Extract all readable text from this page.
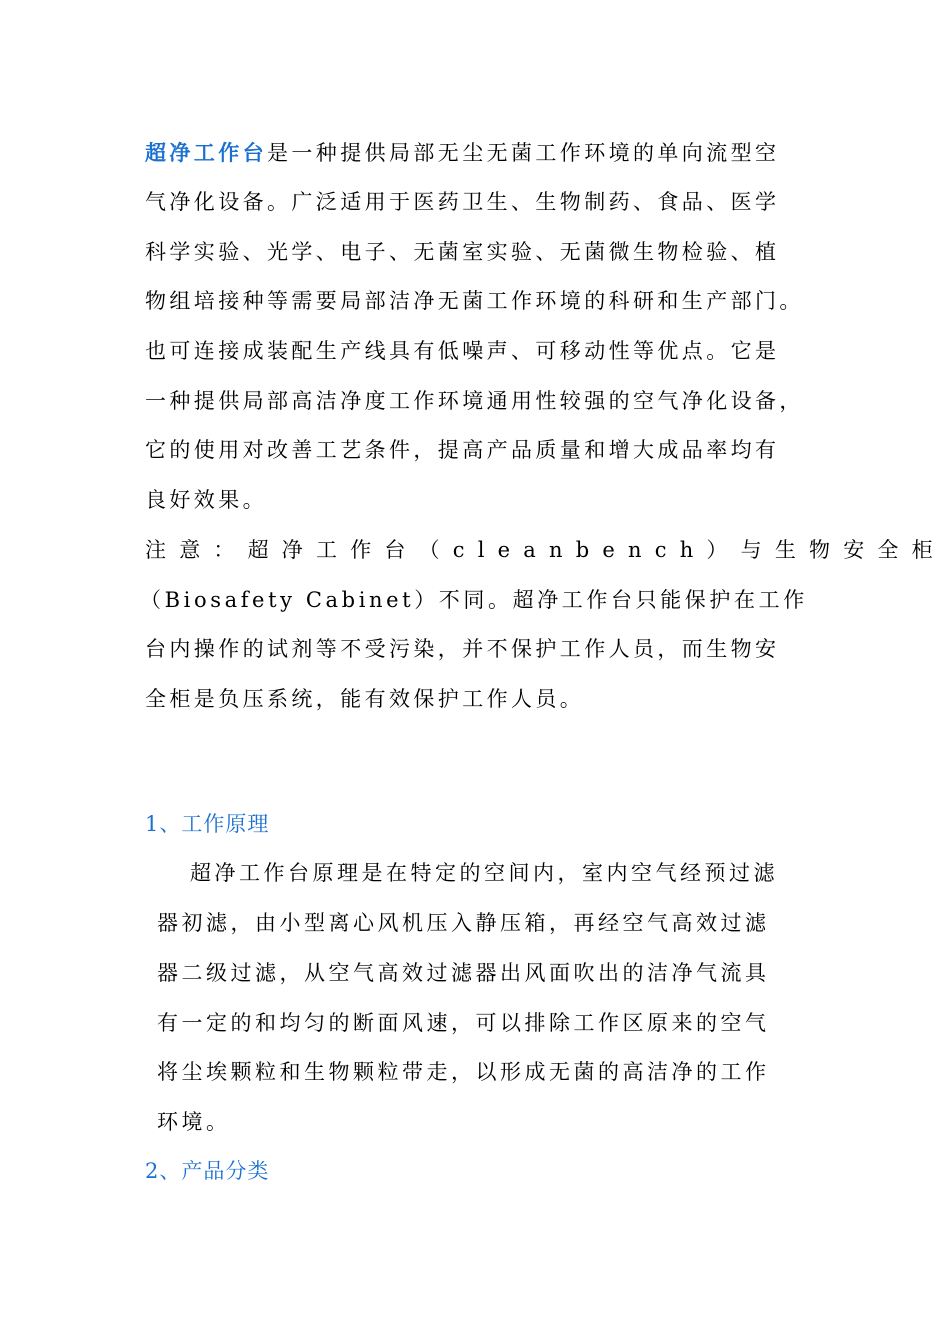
超净工作台是一种提供局部无尘无菌工作环境的单向流型空
气净化设备。广泛适用于医药卫生、生物制药、食品、医学
科学实验、光学、电子、无菌室实验、无菌微生物检验、植
物组培接种等需要局部洁净无菌工作环境的科研和生产部门。
也可连接成装配生产线具有低噪声、可移动性等优点。它是
一种提供局部高洁净度工作环境通用性较强的空气净化设备，
它的使用对改善工艺条件，提高产品质量和增大成品率均有
良好效果。
注意：超净工作台（cleanbench）与生物安全柜
（Biosafety Cabinet）不同。超净工作台只能保护在工作
台内操作的试剂等不受污染，并不保护工作人员，而生物安
全柜是负压系统，能有效保护工作人员。
1、工作原理
超净工作台原理是在特定的空间内，室内空气经预过滤
器初滤，由小型离心风机压入静压箱，再经空气高效过滤
器二级过滤，从空气高效过滤器出风面吹出的洁净气流具
有一定的和均匀的断面风速，可以排除工作区原来的空气
将尘埃颗粒和生物颗粒带走，以形成无菌的高洁净的工作
环境。
2、产品分类
